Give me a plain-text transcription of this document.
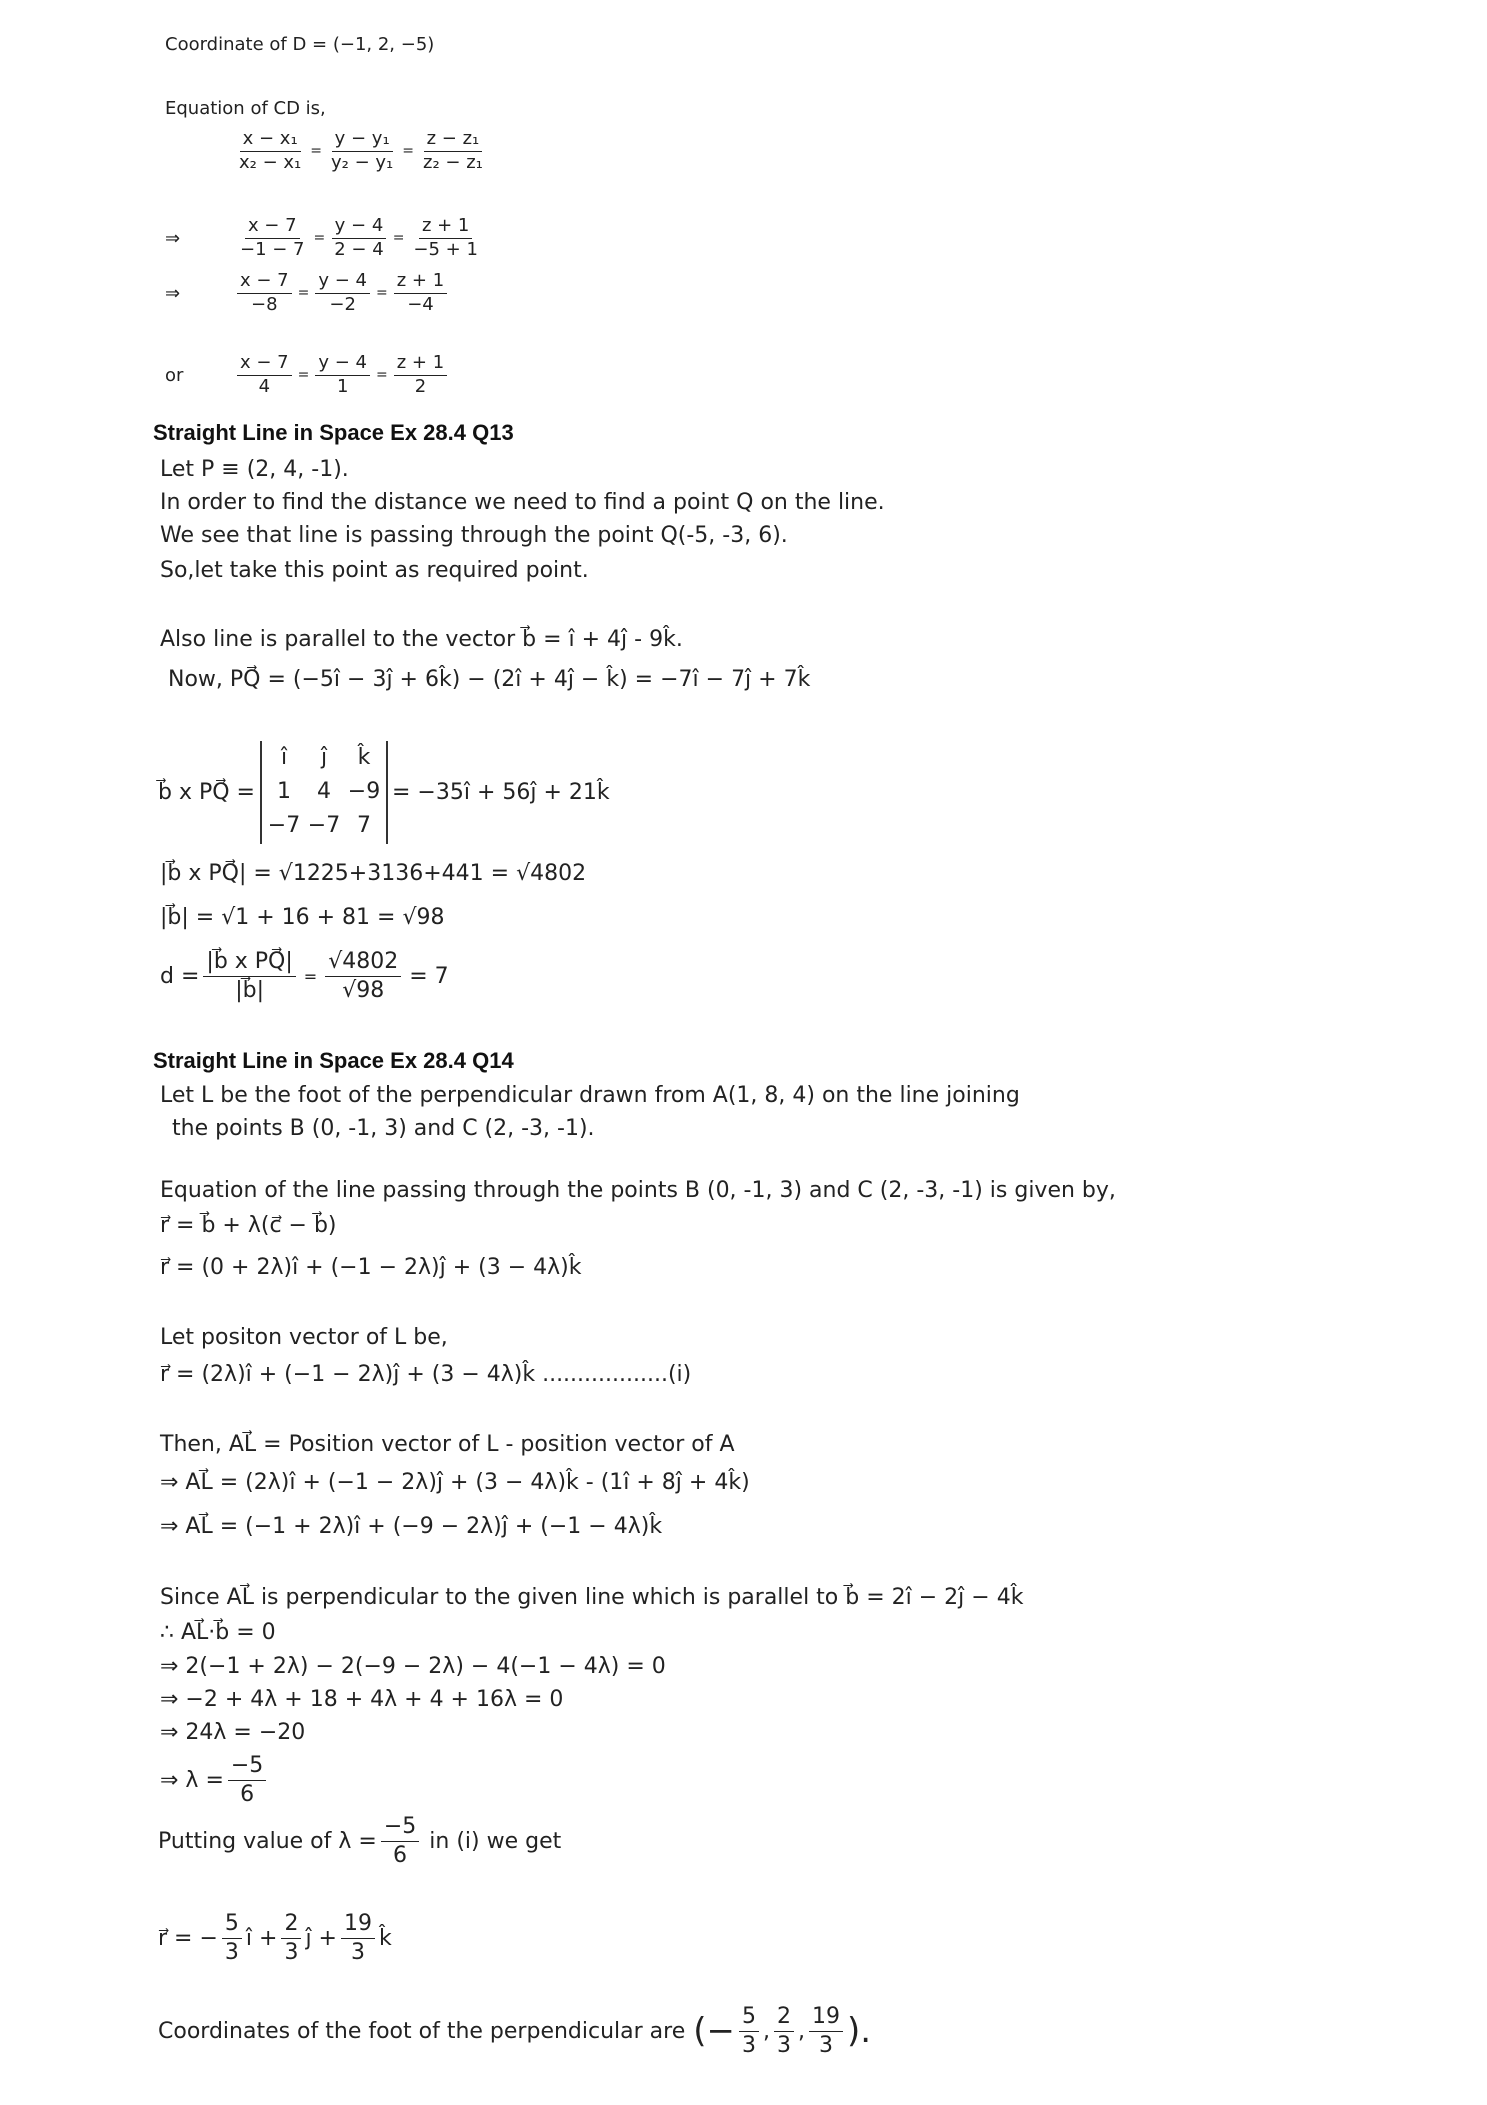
Coordinate of D = (−1, 2, −5)
Equation of CD is,
$\frac{\text{x − x₁}}{\text{x₂ − x₁}} = \frac{\text{y − y₁}}{\text{y₂ − y₁}} = \frac{\text{z − z₁}}{\text{z₂ − z₁}}$
⇒	$\frac{x - 7}{-1 - 7} = \frac{y - 4}{2 - 4} = \frac{z + 1}{-5 + 1}$
⇒	$\frac{x - 7}{-8} = \frac{y - 4}{-2} = \frac{z + 1}{-4}$
or	$\frac{x - 7}{4} = \frac{y - 4}{1} = \frac{z + 1}{2}$
Straight Line in Space Ex 28.4 Q13
Let P ≡ (2, 4, -1).
In order to find the distance we need to find a point Q on the line.
We see that line is passing through the point Q(-5, -3, 6).
So,let take this point as required point.
Also line is parallel to the vector b⃗ = î + 4ĵ - 9k̂.
Now, PQ⃗ = (−5î − 3ĵ + 6k̂) − (2î + 4ĵ − k̂) = −7î − 7ĵ + 7k̂
b⃗ x PQ⃗ =
î	ĵ	k̂
1	4 −9
−7 −7 7
= −35î + 56ĵ + 21k̂
|b⃗ x PQ⃗| = √1225+3136+441 = √4802
|b⃗| = √1 + 16 + 81 = √98
$d = \frac{\text{|b⃗ x PQ⃗|}}{|b⃗|} = \frac{√4802}{√98} = 7$
Straight Line in Space Ex 28.4 Q14
Let L be the foot of the perpendicular drawn from A(1, 8, 4) on the line joining
the points B (0, -1, 3) and C (2, -3, -1).
Equation of the line passing through the points B (0, -1, 3) and C (2, -3, -1) is given by,
r⃗ = b⃗ + λ(c⃗ − b⃗)
r⃗ = (0 + 2λ)î + (−1 − 2λ)ĵ + (3 − 4λ)k̂
Let positon vector of L be,
r⃗ = (2λ)î + (−1 − 2λ)ĵ + (3 − 4λ)k̂ ..................(i)
Then, AL⃗ = Position vector of L - position vector of A
⇒ AL⃗ = (2λ)î + (−1 − 2λ)ĵ + (3 − 4λ)k̂ - (1î + 8ĵ + 4k̂)
⇒ AL⃗ = (−1 + 2λ)î + (−9 − 2λ)ĵ + (−1 − 4λ)k̂
Since AL⃗ is perpendicular to the given line which is parallel to b⃗ = 2î − 2ĵ − 4k̂
∴ AL⃗·b⃗ = 0
⇒ 2(−1 + 2λ) − 2(−9 − 2λ) − 4(−1 − 4λ) = 0
⇒ −2 + 4λ + 18 + 4λ + 4 + 16λ = 0
⇒ 24λ = −20
⇒ $\lambda = \frac{-5}{6}$
Putting value of $\lambda = \frac{-5}{6}$ in (i) we get
r⃗ = − $\frac{5}{3}$ î + $\frac{2}{3}$ ĵ + $\frac{19}{3}$ k̂
Coordinates of the foot of the perpendicular are (− $\frac{5}{3}$ , $\frac{2}{3}$ , $\frac{19}{3}$ ).
